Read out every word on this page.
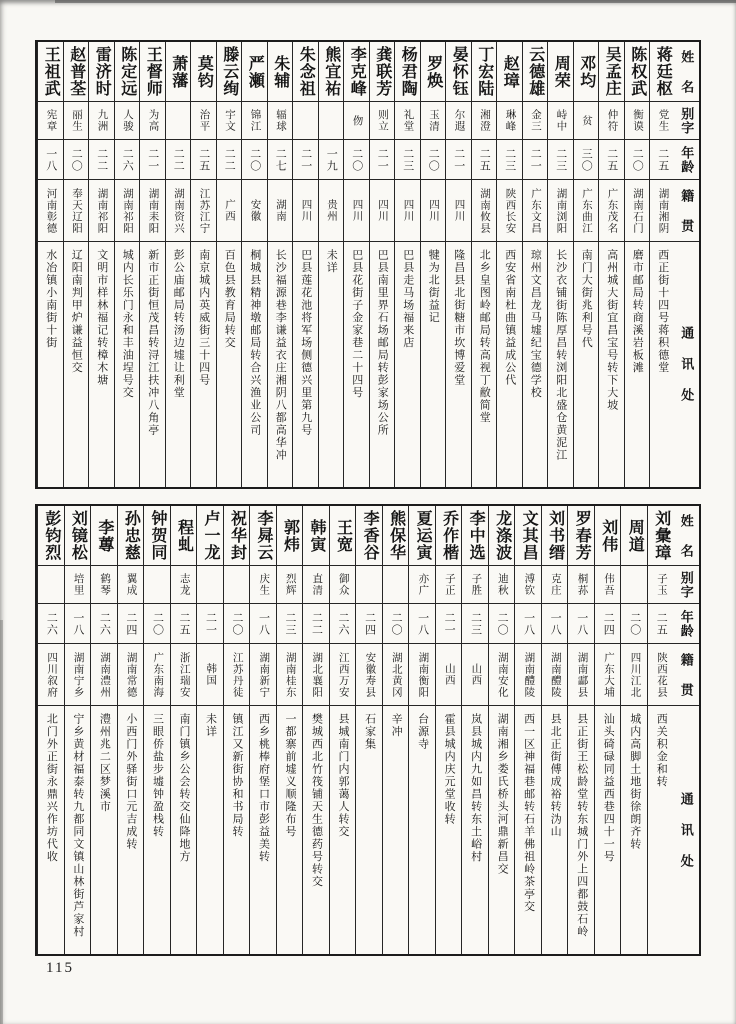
姓 名
别字
年龄
籍 贯
通 讯 处
蒋廷枢
党生
二五
湖南湘阴
西正街十四号蒋积德堂
陈权武
衡谟
二〇
湖南石门
磨市邮局转商溪岩板滩
吴孟庄
仲符
二五
广东茂名
高州城大街宜昌宝号转下大坡
邓均
贫
三〇
广东曲江
南门大街兆利号代
周荣
峙中
二三
湖南浏阳
长沙衣铺街陈厚昌转浏阳北盛仓黄泥江
云德雄
金三
二一
广东文昌
琼州文昌龙马墟纪宝德学校
赵璋
琳峰
二三
陕西长安
西安省南杜曲镇益成公代
丁宏陆
湘澄
二五
湖南攸县
北乡皇图岭邮局转高视丁敝简堂
晏怀钰
尔遐
二一
四川
隆昌县北街糖市坎博爱堂
罗焕
玉清
二〇
四川
犍为北街益记
杨君陶
礼堂
二三
四川
巴县走马场福来店
龚联芳
则立
二一
四川
巴县南里界石场邮局转彭家场公所
李克峰
伆
二〇
四川
巴县花街子金家巷二十四号
熊宜祐
一九
贵州
未详
朱念祖
二一
四川
巴县莲花池将军场侧德兴里第九号
朱辅
辐球
二七
湖南
长沙福源巷李谦益衣庄湘阴八都高华冲
严瀬
锦江
二〇
安徽
桐城县精神墩邮局转合兴渔业公司
滕云绚
宇文
二二
广西
百色县教育局转交
莫钧
治平
二五
江苏江宁
南京城内英威街三十四号
萧藩
二二
湖南资兴
彭公庙邮局转汤边墟让利堂
王督师
为高
二一
湖南耒阳
新市正街恒茂昌转浔江扶冲八角亭
陈定远
人骏
二六
湖南祁阳
城内长乐门永和丰油埕号交
雷济时
九洲
二二
湖南祁阳
文明市样林福记转樟木塘
赵普荃
丽生
二〇
奉天辽阳
辽阳南判甲炉谦益恒交
王祖武
宪章
一八
河南彰德
水冶镇小南街十街
姓 名
别字
年龄
籍 贯
通 讯 处
刘彙璋
子玉
二五
陕西花县
西关积金和转
周道
二〇
四川江北
城内高脚土地街徐朗齐转
刘伟
伟吾
二四
广东大埔
汕头碕碌同益西巷四十一号
罗春芳
桐荪
一八
湖南酃县
县正街王松龄堂转东城门外上四都鼓石岭
刘书缙
克庄
一八
湖南醴陵
县北正街傅成裕转沩山
文其昌
溥钦
一八
湖南醴陵
西一区神福巷邮转石羊佛祖岭茶亭交
龙涤波
迪秋
二〇
湖南安化
湖南湘乡娄氏桥头河鼎新昌交
李中选
子胜
二三
山西
岚县城内九如昌转东土峪村
乔作楷
子正
二一
山西
霍县城内庆元堂收转
夏运寅
亦广
一八
湖南衡阳
台源寺
熊保华
二〇
湖北黄冈
辛冲
李香谷
二四
安徽寿县
石家集
王宽
御众
二六
江西万安
县城南门内郭蔼人转交
韩寅
直清
二二
湖北襄阳
樊城西北竹筏铺天生德药号转交
郭炜
烈辉
二三
湖南桂东
一都寨前墟义顺隆布号
李曻云
庆生
一八
湖南新宁
西乡桃棒府堡口市彭益美转
祝华封
二〇
江苏丹徒
镇江又新街协和书局转
卢一龙
二一
韩国
未详
程虬
志龙
二五
浙江瑞安
南门镇乡公会转交仙降地方
钟贺同
二〇
广东南海
三眼侨盐步墟钟盈栈转
孙忠慈
翼成
二四
湖南常德
小西门外驿街口元吉成转
李蓴
鹤琴
二六
湖南澧州
澧州兆二区梦溪市
刘镜松
培里
一八
湖南宁乡
宁乡黄材福泰转九都同文镇山林街芦家村
彭钧烈
二六
四川叙府
北门外正街永鼎兴作坊代收
115
